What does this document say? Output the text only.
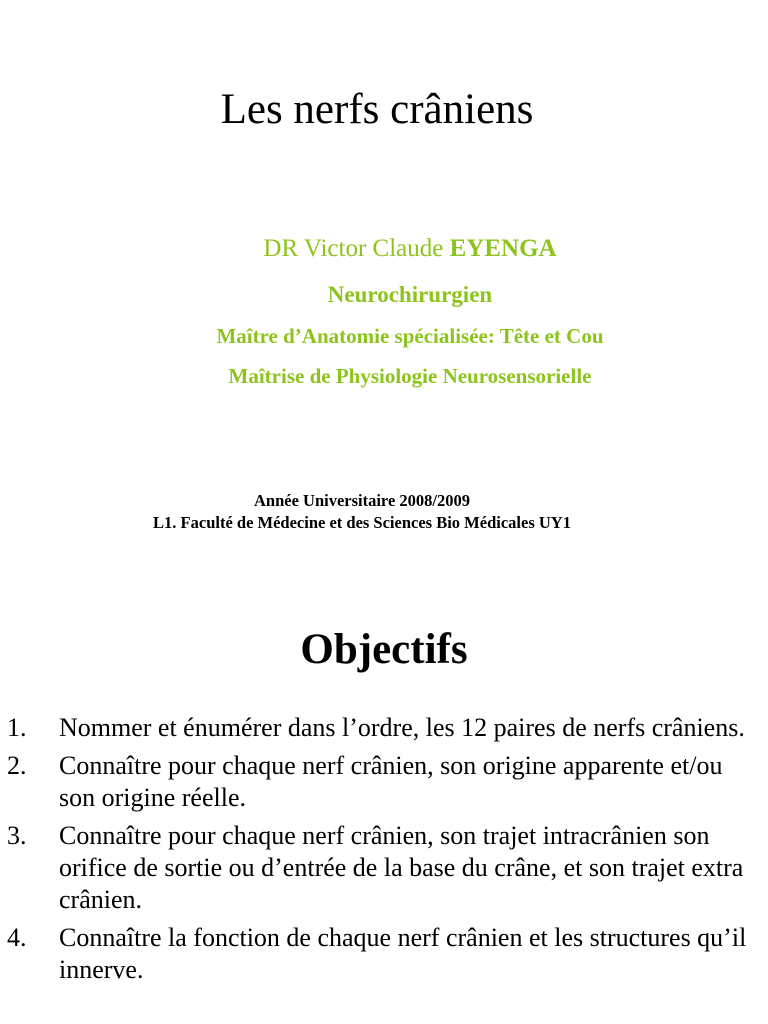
Les nerfs crâniens

DR Victor Claude EYENGA

Neurochirurgien

Maître d’Anatomie spécialisée: Tête et Cou

Maîtrise de Physiologie Neurosensorielle

Année Universitaire 2008/2009
L1. Faculté de Médecine et des Sciences Bio Médicales UY1
Objectifs
1. Nommer et énumérer dans l’ordre, les 12 paires de nerfs crâniens.
2. Connaître pour chaque nerf crânien, son origine apparente et/ou son origine réelle.
3. Connaître pour chaque nerf crânien, son trajet intracrânien son orifice de sortie ou d’entrée de la base du crâne, et son trajet extra crânien.
4. Connaître la fonction de chaque nerf crânien et les structures qu’il innerve.
